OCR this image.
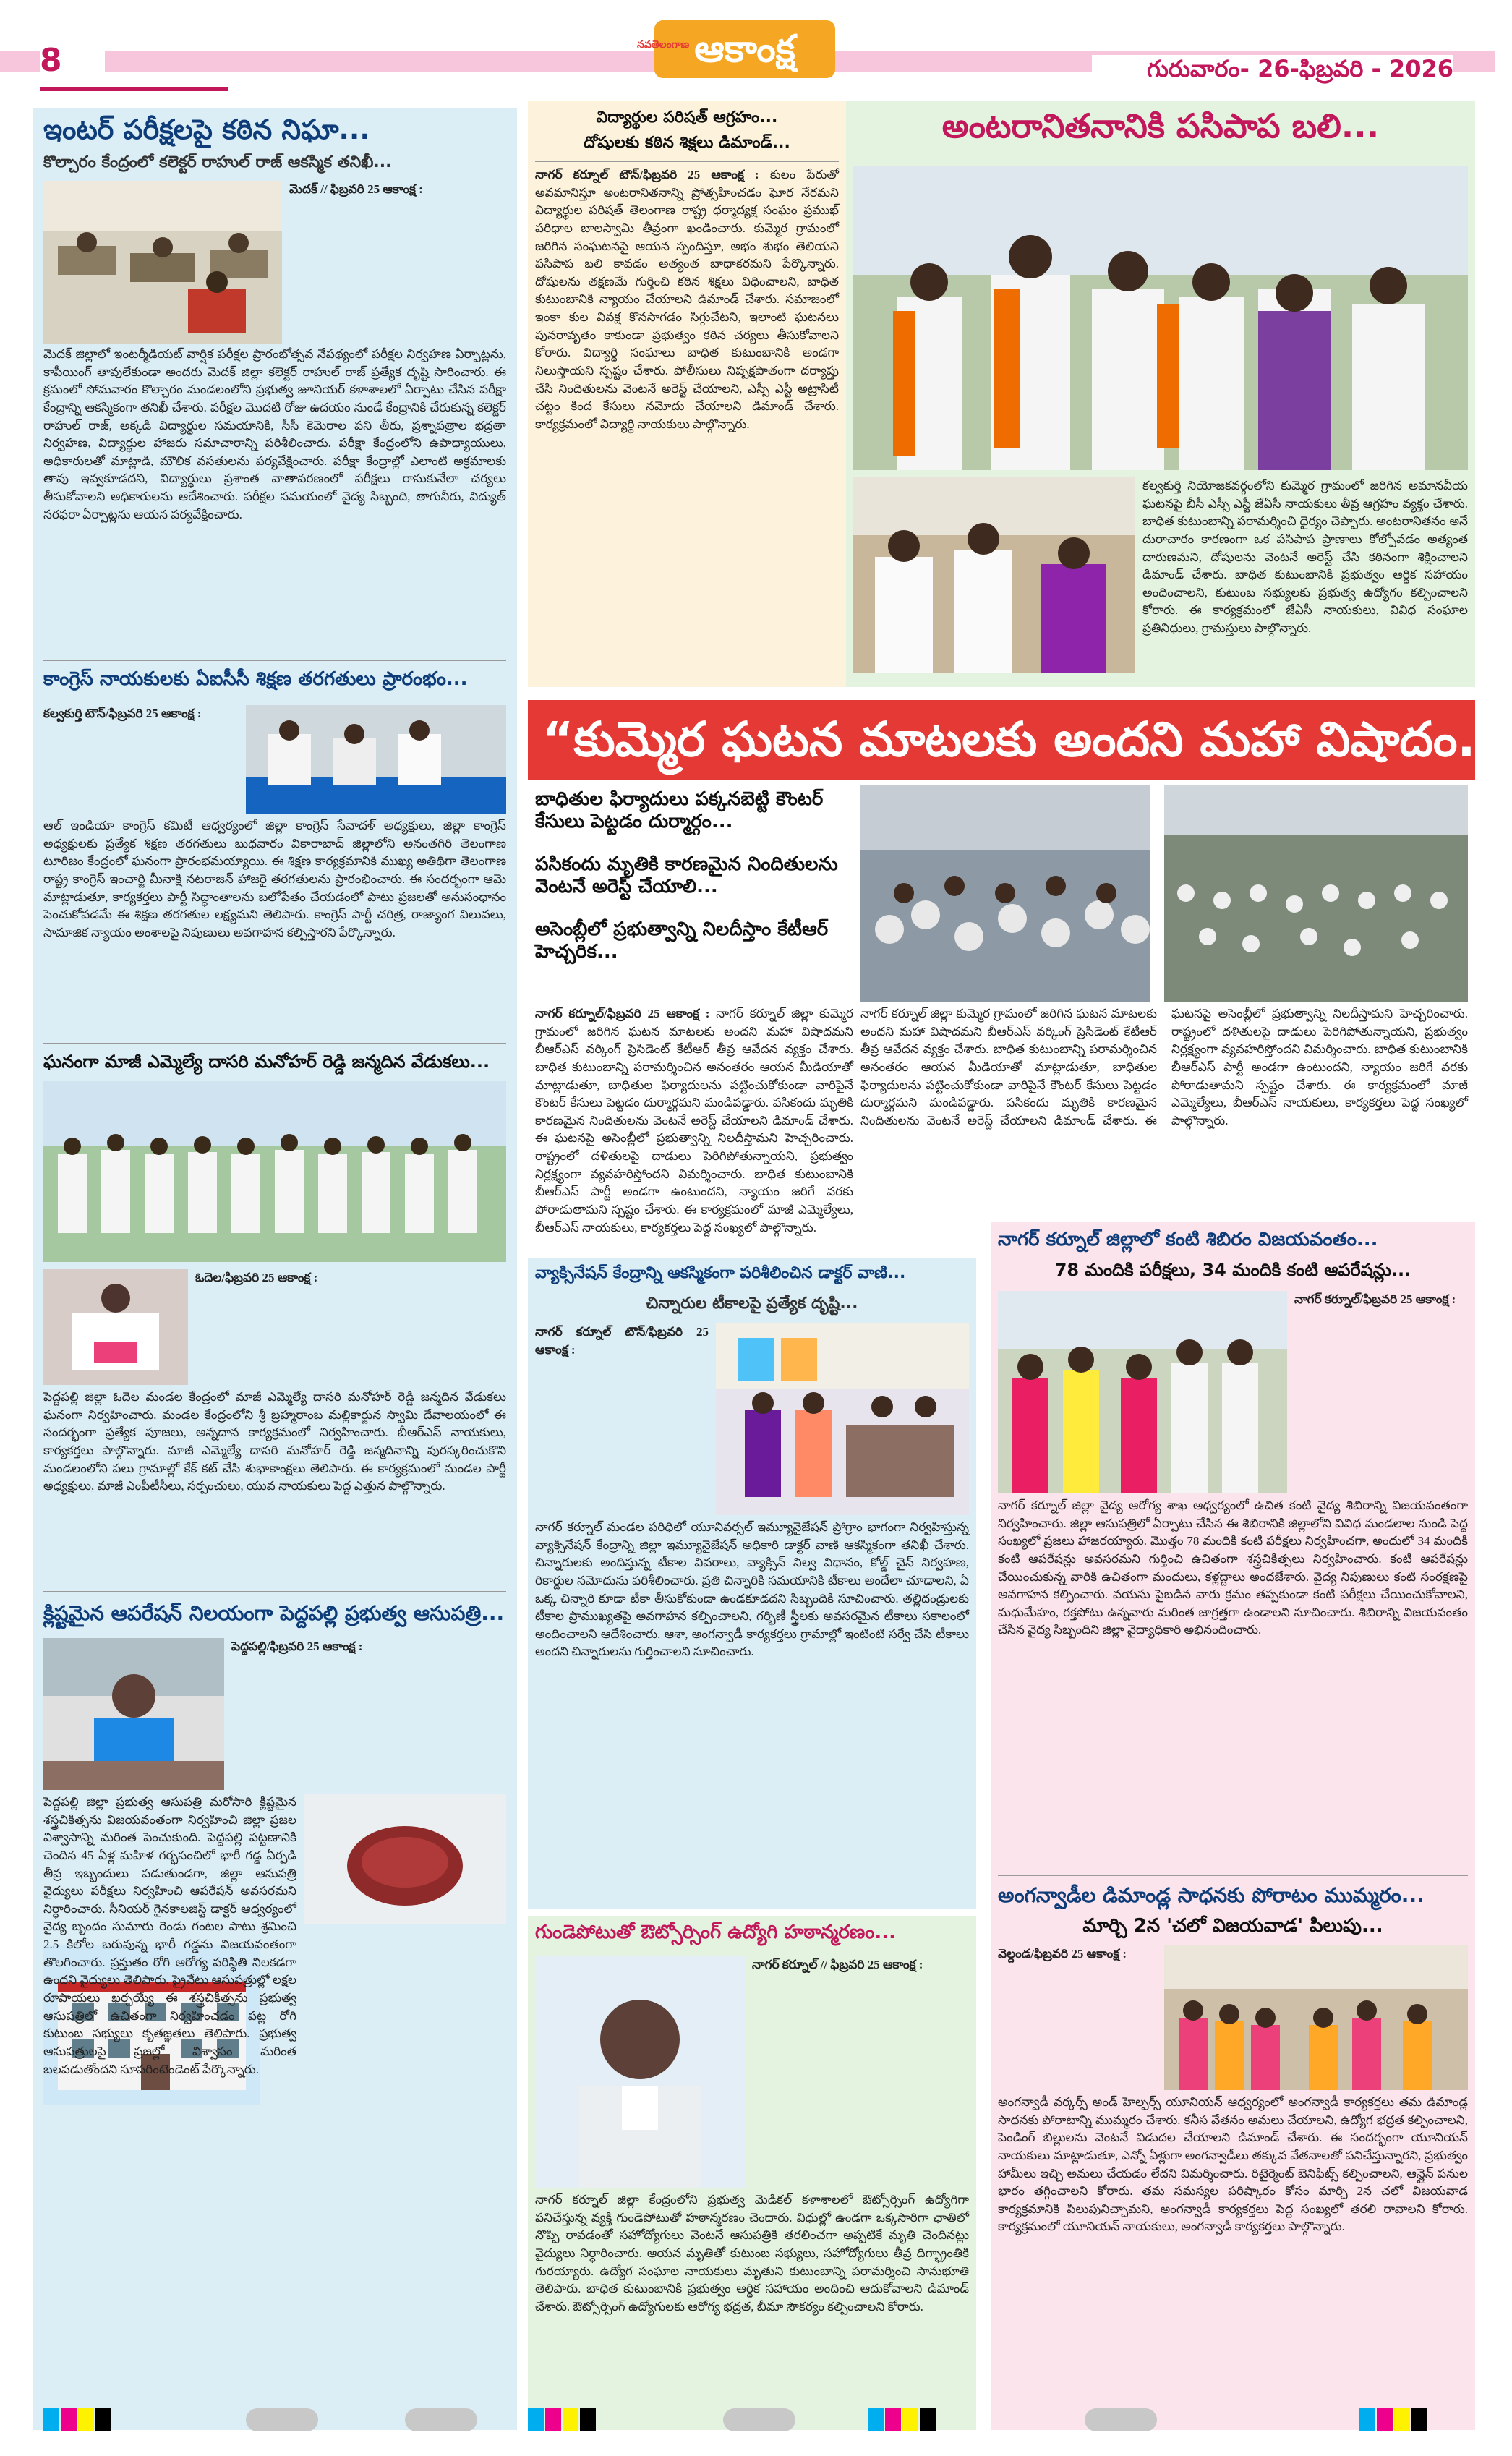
8	నవతెలంగాణ ఆకాంక్ష	గురువారం- 26-ఫిబ్రవరి - 2026
ఇంటర్ పరీక్షలపై కఠిన నిఘా...
కొల్చారం కేంద్రంలో కలెక్టర్ రాహుల్ రాజ్ ఆకస్మిక తనిఖీ...
మెదక్ // ఫిబ్రవరి 25 ఆకాంక్ష :
మెదక్ జిల్లాలో ఇంటర్మీడియట్ వార్షిక పరీక్షల ప్రారంభోత్సవ నేపథ్యంలో పరీక్షల నిర్వహణ ఏర్పాట్లను, కాపీయింగ్ తావులేకుండా అందరు మెదక్ జిల్లా కలెక్టర్ రాహుల్ రాజ్ ప్రత్యేక దృష్టి సారించారు. ఈ క్రమంలో సోమవారం కొల్చారం మండలంలోని ప్రభుత్వ జూనియర్ కళాశాలలో ఏర్పాటు చేసిన పరీక్షా కేంద్రాన్ని ఆకస్మికంగా తనిఖీ చేశారు. పరీక్షల మొదటి రోజు ఉదయం నుండే కేంద్రానికి చేరుకున్న కలెక్టర్ రాహుల్ రాజ్, అక్కడి విద్యార్థుల సమయానికి, సీసీ కెమెరాల పని తీరు, ప్రశ్నాపత్రాల భద్రతా నిర్వహణ, విద్యార్థుల హాజరు సమాచారాన్ని పరిశీలించారు. పరీక్షా కేంద్రంలోని ఉపాధ్యాయులు, అధికారులతో మాట్లాడి, మౌలిక వసతులను పర్యవేక్షించారు. పరీక్షా కేంద్రాల్లో ఎలాంటి అక్రమాలకు తావు ఇవ్వకూడదని, విద్యార్థులు ప్రశాంత వాతావరణంలో పరీక్షలు రాసుకునేలా చర్యలు తీసుకోవాలని అధికారులను ఆదేశించారు. పరీక్షల సమయంలో వైద్య సిబ్బంది, తాగునీరు, విద్యుత్ సరఫరా ఏర్పాట్లను ఆయన పర్యవేక్షించారు.
కాంగ్రెస్ నాయకులకు ఏఐసీసీ శిక్షణ తరగతులు ప్రారంభం...
కల్వకుర్తి టౌన్/ఫిబ్రవరి 25 ఆకాంక్ష :
ఆల్ ఇండియా కాంగ్రెస్ కమిటీ ఆధ్వర్యంలో జిల్లా కాంగ్రెస్ సేవాదళ్ అధ్యక్షులు, జిల్లా కాంగ్రెస్ అధ్యక్షులకు ప్రత్యేక శిక్షణ తరగతులు బుధవారం వికారాబాద్ జిల్లాలోని అనంతగిరి తెలంగాణ టూరిజం కేంద్రంలో ఘనంగా ప్రారంభమయ్యాయి. ఈ శిక్షణ కార్యక్రమానికి ముఖ్య అతిథిగా తెలంగాణ రాష్ట్ర కాంగ్రెస్ ఇంచార్జి మీనాక్షి నటరాజన్ హాజరై తరగతులను ప్రారంభించారు. ఈ సందర్భంగా ఆమె మాట్లాడుతూ, కార్యకర్తలు పార్టీ సిద్ధాంతాలను బలోపేతం చేయడంలో పాటు ప్రజలతో అనుసంధానం పెంచుకోవడమే ఈ శిక్షణ తరగతుల లక్ష్యమని తెలిపారు. కాంగ్రెస్ పార్టీ చరిత్ర, రాజ్యాంగ విలువలు, సామాజిక న్యాయం అంశాలపై నిపుణులు అవగాహన కల్పిస్తారని పేర్కొన్నారు.
ఘనంగా మాజీ ఎమ్మెల్యే దాసరి మనోహర్ రెడ్డి జన్మదిన వేడుకలు...
ఓదెల/ఫిబ్రవరి 25 ఆకాంక్ష :
పెద్దపల్లి జిల్లా ఓదెల మండల కేంద్రంలో మాజీ ఎమ్మెల్యే దాసరి మనోహర్ రెడ్డి జన్మదిన వేడుకలు ఘనంగా నిర్వహించారు. మండల కేంద్రంలోని శ్రీ బ్రహ్మరాంబ మల్లికార్జున స్వామి దేవాలయంలో ఈ సందర్భంగా ప్రత్యేక పూజలు, అన్నదాన కార్యక్రమంలో నిర్వహించారు. బీఆర్ఎస్ నాయకులు, కార్యకర్తలు పాల్గొన్నారు. మాజీ ఎమ్మెల్యే దాసరి మనోహర్ రెడ్డి జన్మదినాన్ని పురస్కరించుకొని మండలంలోని పలు గ్రామాల్లో కేక్ కట్ చేసి శుభాకాంక్షలు తెలిపారు. ఈ కార్యక్రమంలో మండల పార్టీ అధ్యక్షులు, మాజీ ఎంపీటీసీలు, సర్పంచులు, యువ నాయకులు పెద్ద ఎత్తున పాల్గొన్నారు.
క్లిష్టమైన ఆపరేషన్ నిలయంగా పెద్దపల్లి ప్రభుత్వ ఆసుపత్రి...
పెద్దపల్లి/ఫిబ్రవరి 25 ఆకాంక్ష :
పెద్దపల్లి జిల్లా ప్రభుత్వ ఆసుపత్రి మరోసారి క్లిష్టమైన శస్త్రచికిత్సను విజయవంతంగా నిర్వహించి జిల్లా ప్రజల విశ్వాసాన్ని మరింత పెంచుకుంది. పెద్దపల్లి పట్టణానికి చెందిన 45 ఏళ్ల మహిళ గర్భసంచిలో భారీ గడ్డ ఏర్పడి తీవ్ర ఇబ్బందులు పడుతుండగా, జిల్లా ఆసుపత్రి వైద్యులు పరీక్షలు నిర్వహించి ఆపరేషన్ అవసరమని నిర్ధారించారు. సీనియర్ గైనకాలజిస్ట్ డాక్టర్ ఆధ్వర్యంలో వైద్య బృందం సుమారు రెండు గంటల పాటు శ్రమించి 2.5 కిలోల బరువున్న భారీ గడ్డను విజయవంతంగా తొలగించారు. ప్రస్తుతం రోగి ఆరోగ్య పరిస్థితి నిలకడగా ఉందని వైద్యులు తెలిపారు. ప్రైవేటు ఆసుపత్రుల్లో లక్షల రూపాయలు ఖర్చయ్యే ఈ శస్త్రచికిత్సను ప్రభుత్వ ఆసుపత్రిలో ఉచితంగా నిర్వహించడం పట్ల రోగి కుటుంబ సభ్యులు కృతజ్ఞతలు తెలిపారు. ప్రభుత్వ ఆసుపత్రులపై ప్రజల్లో విశ్వాసం మరింత బలపడుతోందని సూపరింటెండెంట్ పేర్కొన్నారు.
విద్యార్థుల పరిషత్ ఆగ్రహం...
దోషులకు కఠిన శిక్షలు డిమాండ్...
నాగర్ కర్నూల్ టౌన్/ఫిబ్రవరి 25 ఆకాంక్ష : కులం పేరుతో అవమానిస్తూ అంటరానితనాన్ని ప్రోత్సహించడం ఘోర నేరమని విద్యార్థుల పరిషత్ తెలంగాణ రాష్ట్ర ధర్మాద్యక్ష సంఘం ప్రముఖ్ పరిధాల బాలస్వామి తీవ్రంగా ఖండించారు. కుమ్మెర గ్రామంలో జరిగిన సంఘటనపై ఆయన స్పందిస్తూ, అభం శుభం తెలియని పసిపాప బలి కావడం అత్యంత బాధాకరమని పేర్కొన్నారు. దోషులను తక్షణమే గుర్తించి కఠిన శిక్షలు విధించాలని, బాధిత కుటుంబానికి న్యాయం చేయాలని డిమాండ్ చేశారు. సమాజంలో ఇంకా కుల వివక్ష కొనసాగడం సిగ్గుచేటని, ఇలాంటి ఘటనలు పునరావృతం కాకుండా ప్రభుత్వం కఠిన చర్యలు తీసుకోవాలని కోరారు. విద్యార్థి సంఘాలు బాధిత కుటుంబానికి అండగా నిలుస్తాయని స్పష్టం చేశారు. పోలీసులు నిష్పక్షపాతంగా దర్యాప్తు చేసి నిందితులను వెంటనే అరెస్ట్ చేయాలని, ఎస్సీ ఎస్టీ అట్రాసిటీ చట్టం కింద కేసులు నమోదు చేయాలని డిమాండ్ చేశారు. కార్యక్రమంలో విద్యార్థి నాయకులు పాల్గొన్నారు.
అంటరానితనానికి పసిపాప బలి...
కల్వకుర్తి నియోజకవర్గంలోని కుమ్మెర గ్రామంలో జరిగిన అమానవీయ ఘటనపై బీసీ ఎస్సీ ఎస్టీ జేఏసీ నాయకులు తీవ్ర ఆగ్రహం వ్యక్తం చేశారు. బాధిత కుటుంబాన్ని పరామర్శించి ధైర్యం చెప్పారు. అంటరానితనం అనే దురాచారం కారణంగా ఒక పసిపాప ప్రాణాలు కోల్పోవడం అత్యంత దారుణమని, దోషులను వెంటనే అరెస్ట్ చేసి కఠినంగా శిక్షించాలని డిమాండ్ చేశారు. బాధిత కుటుంబానికి ప్రభుత్వం ఆర్థిక సహాయం అందించాలని, కుటుంబ సభ్యులకు ప్రభుత్వ ఉద్యోగం కల్పించాలని కోరారు. ఈ కార్యక్రమంలో జేఏసీ నాయకులు, వివిధ సంఘాల ప్రతినిధులు, గ్రామస్తులు పాల్గొన్నారు.
“కుమ్మెర ఘటన మాటలకు అందని మహా విషాదం...
బాధితుల ఫిర్యాదులు పక్కనబెట్టి కౌంటర్ కేసులు పెట్టడం దుర్మార్గం...
పసికందు మృతికి కారణమైన నిందితులను వెంటనే అరెస్ట్ చేయాలి...
అసెంబ్లీలో ప్రభుత్వాన్ని నిలదీస్తాం కేటీఆర్ హెచ్చరిక...
నాగర్ కర్నూల్/ఫిబ్రవరి 25 ఆకాంక్ష : నాగర్ కర్నూల్ జిల్లా కుమ్మెర గ్రామంలో జరిగిన ఘటన మాటలకు అందని మహా విషాదమని బీఆర్ఎస్ వర్కింగ్ ప్రెసిడెంట్ కేటీఆర్ తీవ్ర ఆవేదన వ్యక్తం చేశారు. బాధిత కుటుంబాన్ని పరామర్శించిన అనంతరం ఆయన మీడియాతో మాట్లాడుతూ, బాధితుల ఫిర్యాదులను పట్టించుకోకుండా వారిపైనే కౌంటర్ కేసులు పెట్టడం దుర్మార్గమని మండిపడ్డారు. పసికందు మృతికి కారణమైన నిందితులను వెంటనే అరెస్ట్ చేయాలని డిమాండ్ చేశారు. ఈ ఘటనపై అసెంబ్లీలో ప్రభుత్వాన్ని నిలదీస్తామని హెచ్చరించారు. రాష్ట్రంలో దళితులపై దాడులు పెరిగిపోతున్నాయని, ప్రభుత్వం నిర్లక్ష్యంగా వ్యవహరిస్తోందని విమర్శించారు. బాధిత కుటుంబానికి బీఆర్ఎస్ పార్టీ అండగా ఉంటుందని, న్యాయం జరిగే వరకు పోరాడుతామని స్పష్టం చేశారు. ఈ కార్యక్రమంలో మాజీ ఎమ్మెల్యేలు, బీఆర్ఎస్ నాయకులు, కార్యకర్తలు పెద్ద సంఖ్యలో పాల్గొన్నారు.
నాగర్ కర్నూల్ జిల్లా కుమ్మెర గ్రామంలో జరిగిన ఘటన మాటలకు అందని మహా విషాదమని బీఆర్ఎస్ వర్కింగ్ ప్రెసిడెంట్ కేటీఆర్ తీవ్ర ఆవేదన వ్యక్తం చేశారు. బాధిత కుటుంబాన్ని పరామర్శించిన అనంతరం ఆయన మీడియాతో మాట్లాడుతూ, బాధితుల ఫిర్యాదులను పట్టించుకోకుండా వారిపైనే కౌంటర్ కేసులు పెట్టడం దుర్మార్గమని మండిపడ్డారు. పసికందు మృతికి కారణమైన నిందితులను వెంటనే అరెస్ట్ చేయాలని డిమాండ్ చేశారు. ఈ ఘటనపై అసెంబ్లీలో ప్రభుత్వాన్ని నిలదీస్తామని హెచ్చరించారు. రాష్ట్రంలో దళితులపై దాడులు పెరిగిపోతున్నాయని, ప్రభుత్వం నిర్లక్ష్యంగా వ్యవహరిస్తోందని విమర్శించారు. బాధిత కుటుంబానికి బీఆర్ఎస్ పార్టీ అండగా ఉంటుందని, న్యాయం జరిగే వరకు పోరాడుతామని స్పష్టం చేశారు. ఈ కార్యక్రమంలో మాజీ ఎమ్మెల్యేలు, బీఆర్ఎస్ నాయకులు, కార్యకర్తలు పెద్ద సంఖ్యలో పాల్గొన్నారు.
వ్యాక్సినేషన్ కేంద్రాన్ని ఆకస్మికంగా పరిశీలించిన డాక్టర్ వాణి...
చిన్నారుల టీకాలపై ప్రత్యేక దృష్టి...
నాగర్ కర్నూల్ టౌన్/ఫిబ్రవరి 25 ఆకాంక్ష :
నాగర్ కర్నూల్ మండల పరిధిలో యూనివర్సల్ ఇమ్యూనైజేషన్ ప్రోగ్రాం భాగంగా నిర్వహిస్తున్న వ్యాక్సినేషన్ కేంద్రాన్ని జిల్లా ఇమ్యూనైజేషన్ అధికారి డాక్టర్ వాణి ఆకస్మికంగా తనిఖీ చేశారు. చిన్నారులకు అందిస్తున్న టీకాల వివరాలు, వ్యాక్సిన్ నిల్వ విధానం, కోల్డ్ చైన్ నిర్వహణ, రికార్డుల నమోదును పరిశీలించారు. ప్రతి చిన్నారికి సమయానికి టీకాలు అందేలా చూడాలని, ఏ ఒక్క చిన్నారి కూడా టీకా తీసుకోకుండా ఉండకూడదని సిబ్బందికి సూచించారు. తల్లిదండ్రులకు టీకాల ప్రాముఖ్యతపై అవగాహన కల్పించాలని, గర్భిణీ స్త్రీలకు అవసరమైన టీకాలు సకాలంలో అందించాలని ఆదేశించారు. ఆశా, అంగన్వాడీ కార్యకర్తలు గ్రామాల్లో ఇంటింటి సర్వే చేసి టీకాలు అందని చిన్నారులను గుర్తించాలని సూచించారు.
నాగర్ కర్నూల్ జిల్లాలో కంటి శిబిరం విజయవంతం...
78 మందికి పరీక్షలు, 34 మందికి కంటి ఆపరేషన్లు...
నాగర్ కర్నూల్/ఫిబ్రవరి 25 ఆకాంక్ష :
నాగర్ కర్నూల్ జిల్లా వైద్య ఆరోగ్య శాఖ ఆధ్వర్యంలో ఉచిత కంటి వైద్య శిబిరాన్ని విజయవంతంగా నిర్వహించారు. జిల్లా ఆసుపత్రిలో ఏర్పాటు చేసిన ఈ శిబిరానికి జిల్లాలోని వివిధ మండలాల నుండి పెద్ద సంఖ్యలో ప్రజలు హాజరయ్యారు. మొత్తం 78 మందికి కంటి పరీక్షలు నిర్వహించగా, అందులో 34 మందికి కంటి ఆపరేషన్లు అవసరమని గుర్తించి ఉచితంగా శస్త్రచికిత్సలు నిర్వహించారు. కంటి ఆపరేషన్లు చేయించుకున్న వారికి ఉచితంగా మందులు, కళ్లద్దాలు అందజేశారు. వైద్య నిపుణులు కంటి సంరక్షణపై అవగాహన కల్పించారు. వయసు పైబడిన వారు క్రమం తప్పకుండా కంటి పరీక్షలు చేయించుకోవాలని, మధుమేహం, రక్తపోటు ఉన్నవారు మరింత జాగ్రత్తగా ఉండాలని సూచించారు. శిబిరాన్ని విజయవంతం చేసిన వైద్య సిబ్బందిని జిల్లా వైద్యాధికారి అభినందించారు.
అంగన్వాడీల డిమాండ్ల సాధనకు పోరాటం ముమ్మరం...
మార్చి 2న 'చలో విజయవాడ' పిలుపు...
వెల్దండ/ఫిబ్రవరి 25 ఆకాంక్ష :
అంగన్వాడీ వర్కర్స్ అండ్ హెల్పర్స్ యూనియన్ ఆధ్వర్యంలో అంగన్వాడీ కార్యకర్తలు తమ డిమాండ్ల సాధనకు పోరాటాన్ని ముమ్మరం చేశారు. కనీస వేతనం అమలు చేయాలని, ఉద్యోగ భద్రత కల్పించాలని, పెండింగ్ బిల్లులను వెంటనే విడుదల చేయాలని డిమాండ్ చేశారు. ఈ సందర్భంగా యూనియన్ నాయకులు మాట్లాడుతూ, ఎన్నో ఏళ్లుగా అంగన్వాడీలు తక్కువ వేతనాలతో పనిచేస్తున్నారని, ప్రభుత్వం హామీలు ఇచ్చి అమలు చేయడం లేదని విమర్శించారు. రిటైర్మెంట్ బెనిఫిట్స్ కల్పించాలని, ఆన్లైన్ పనుల భారం తగ్గించాలని కోరారు. తమ సమస్యల పరిష్కారం కోసం మార్చి 2న చలో విజయవాడ కార్యక్రమానికి పిలుపునిచ్చామని, అంగన్వాడీ కార్యకర్తలు పెద్ద సంఖ్యలో తరలి రావాలని కోరారు. కార్యక్రమంలో యూనియన్ నాయకులు, అంగన్వాడీ కార్యకర్తలు పాల్గొన్నారు.
గుండెపోటుతో ఔట్సోర్సింగ్ ఉద్యోగి హఠాన్మరణం...
నాగర్ కర్నూల్ // ఫిబ్రవరి 25 ఆకాంక్ష :
నాగర్ కర్నూల్ జిల్లా కేంద్రంలోని ప్రభుత్వ మెడికల్ కళాశాలలో ఔట్సోర్సింగ్ ఉద్యోగిగా పనిచేస్తున్న వ్యక్తి గుండెపోటుతో హఠాన్మరణం చెందారు. విధుల్లో ఉండగా ఒక్కసారిగా ఛాతిలో నొప్పి రావడంతో సహోద్యోగులు వెంటనే ఆసుపత్రికి తరలించగా అప్పటికే మృతి చెందినట్లు వైద్యులు నిర్ధారించారు. ఆయన మృతితో కుటుంబ సభ్యులు, సహోద్యోగులు తీవ్ర దిగ్భ్రాంతికి గురయ్యారు. ఉద్యోగ సంఘాల నాయకులు మృతుని కుటుంబాన్ని పరామర్శించి సానుభూతి తెలిపారు. బాధిత కుటుంబానికి ప్రభుత్వం ఆర్థిక సహాయం అందించి ఆదుకోవాలని డిమాండ్ చేశారు. ఔట్సోర్సింగ్ ఉద్యోగులకు ఆరోగ్య భద్రత, బీమా సౌకర్యం కల్పించాలని కోరారు.
